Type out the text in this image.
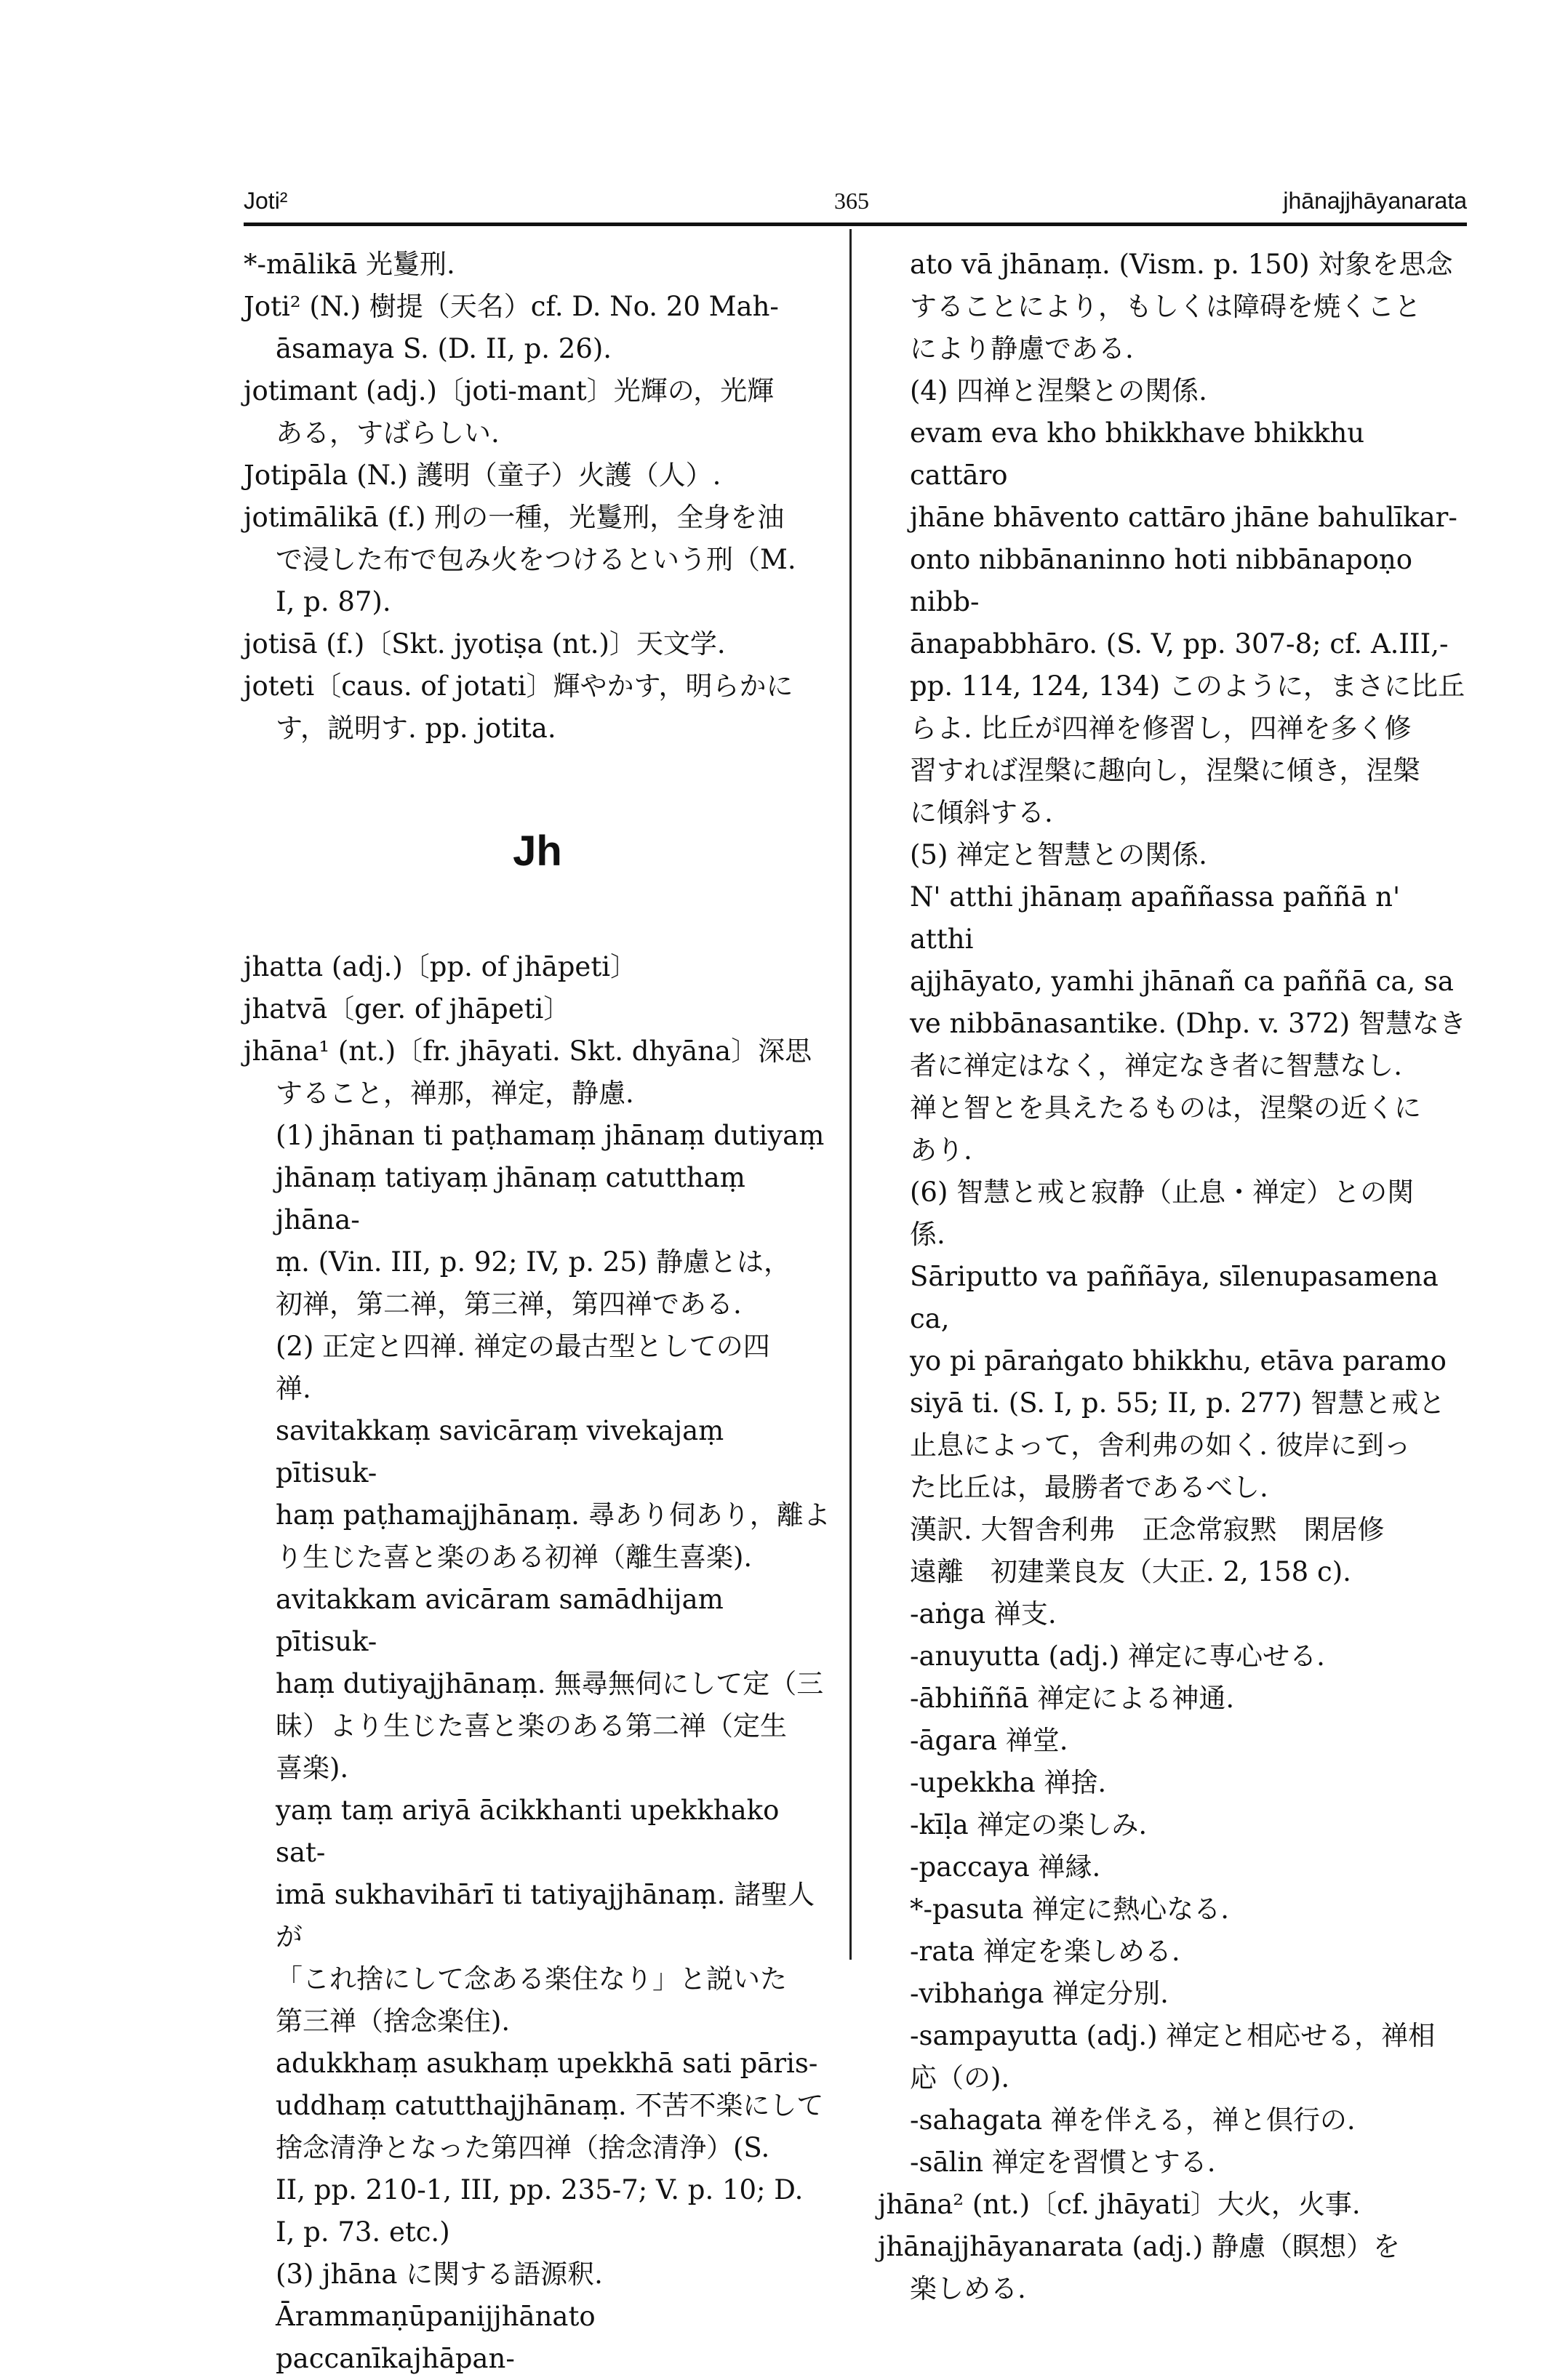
Joti²	365	jhānajjhāyanarata

*-mālikā 光鬘刑.

Joti² (N.) 樹提（天名）cf. D. No. 20 Mah-

āsamaya S. (D. II, p. 26).

jotimant (adj.)〔joti-mant〕光輝の，光輝

ある，すばらしい.

Jotipāla (N.) 護明（童子）火護（人）.

jotimālikā (f.) 刑の一種，光鬘刑，全身を油

で浸した布で包み火をつけるという刑（M.

I, p. 87).

jotisā (f.)〔Skt. jyotiṣa (nt.)〕天文学.

joteti〔caus. of jotati〕輝やかす，明らかに

す，説明す. pp. jotita.

Jh

jhatta (adj.)〔pp. of jhāpeti〕

jhatvā〔ger. of jhāpeti〕

jhāna¹ (nt.)〔fr. jhāyati. Skt. dhyāna〕深思

すること，禅那，禅定，静慮.

(1) jhānan ti paṭhamaṃ jhānaṃ dutiyaṃ

jhānaṃ tatiyaṃ jhānaṃ catutthaṃ jhāna-

ṃ. (Vin. III, p. 92; IV, p. 25) 静慮とは，

初禅，第二禅，第三禅，第四禅である.

(2) 正定と四禅. 禅定の最古型としての四

禅.

savitakkaṃ savicāraṃ vivekajaṃ pītisuk-

haṃ paṭhamajjhānaṃ. 尋あり伺あり，離よ

り生じた喜と楽のある初禅（離生喜楽).

avitakkam avicāram samādhijam pītisuk-

haṃ dutiyajjhānaṃ. 無尋無伺にして定（三

昧）より生じた喜と楽のある第二禅（定生

喜楽).

yaṃ taṃ ariyā ācikkhanti upekkhako sat-

imā sukhavihārī ti tatiyajjhānaṃ. 諸聖人が

「これ捨にして念ある楽住なり」と説いた

第三禅（捨念楽住).

adukkhaṃ asukhaṃ upekkhā sati pāris-

uddhaṃ catutthajjhānaṃ. 不苦不楽にして

捨念清浄となった第四禅（捨念清浄）(S.

II, pp. 210-1, III, pp. 235-7; V. p. 10; D.

I, p. 73. etc.)

(3) jhāna に関する語源釈.

Ārammaṇūpanijjhānato paccanīkajhāpan-

ato vā jhānaṃ. (Vism. p. 150) 対象を思念

することにより，もしくは障碍を焼くこと

により静慮である.

(4) 四禅と涅槃との関係.

evam eva kho bhikkhave bhikkhu cattāro

jhāne bhāvento cattāro jhāne bahulīkar-

onto nibbānaninno hoti nibbānapoṇo nibb-

ānapabbhāro. (S. V, pp. 307-8; cf. A.III,-

pp. 114, 124, 134) このように，まさに比丘

らよ. 比丘が四禅を修習し，四禅を多く修

習すれば涅槃に趣向し，涅槃に傾き，涅槃

に傾斜する.

(5) 禅定と智慧との関係.

N' atthi jhānaṃ apaññassa paññā n' atthi

ajjhāyato, yamhi jhānañ ca paññā ca, sa

ve nibbānasantike. (Dhp. v. 372) 智慧なき

者に禅定はなく，禅定なき者に智慧なし.

禅と智とを具えたるものは，涅槃の近くに

あり.

(6) 智慧と戒と寂静（止息・禅定）との関

係.

Sāriputto va paññāya, sīlenupasamena ca,

yo pi pāraṅgato bhikkhu, etāva paramo

siyā ti. (S. I, p. 55; II, p. 277) 智慧と戒と

止息によって，舎利弗の如く. 彼岸に到っ

た比丘は，最勝者であるべし.

漢訳. 大智舎利弗　正念常寂黙　閑居修

遠離　初建業良友（大正. 2, 158 c).

-aṅga 禅支.

-anuyutta (adj.) 禅定に専心せる.

-ābhiññā 禅定による神通.

-āgara 禅堂.

-upekkha 禅捨.

-kīḷa 禅定の楽しみ.

-paccaya 禅縁.

*-pasuta 禅定に熱心なる.

-rata 禅定を楽しめる.

-vibhaṅga 禅定分別.

-sampayutta (adj.) 禅定と相応せる，禅相

応（の).

-sahagata 禅を伴える，禅と倶行の.

-sālin 禅定を習慣とする.

jhāna² (nt.)〔cf. jhāyati〕大火，火事.

jhānajjhāyanarata (adj.) 静慮（瞑想）を

楽しめる.
